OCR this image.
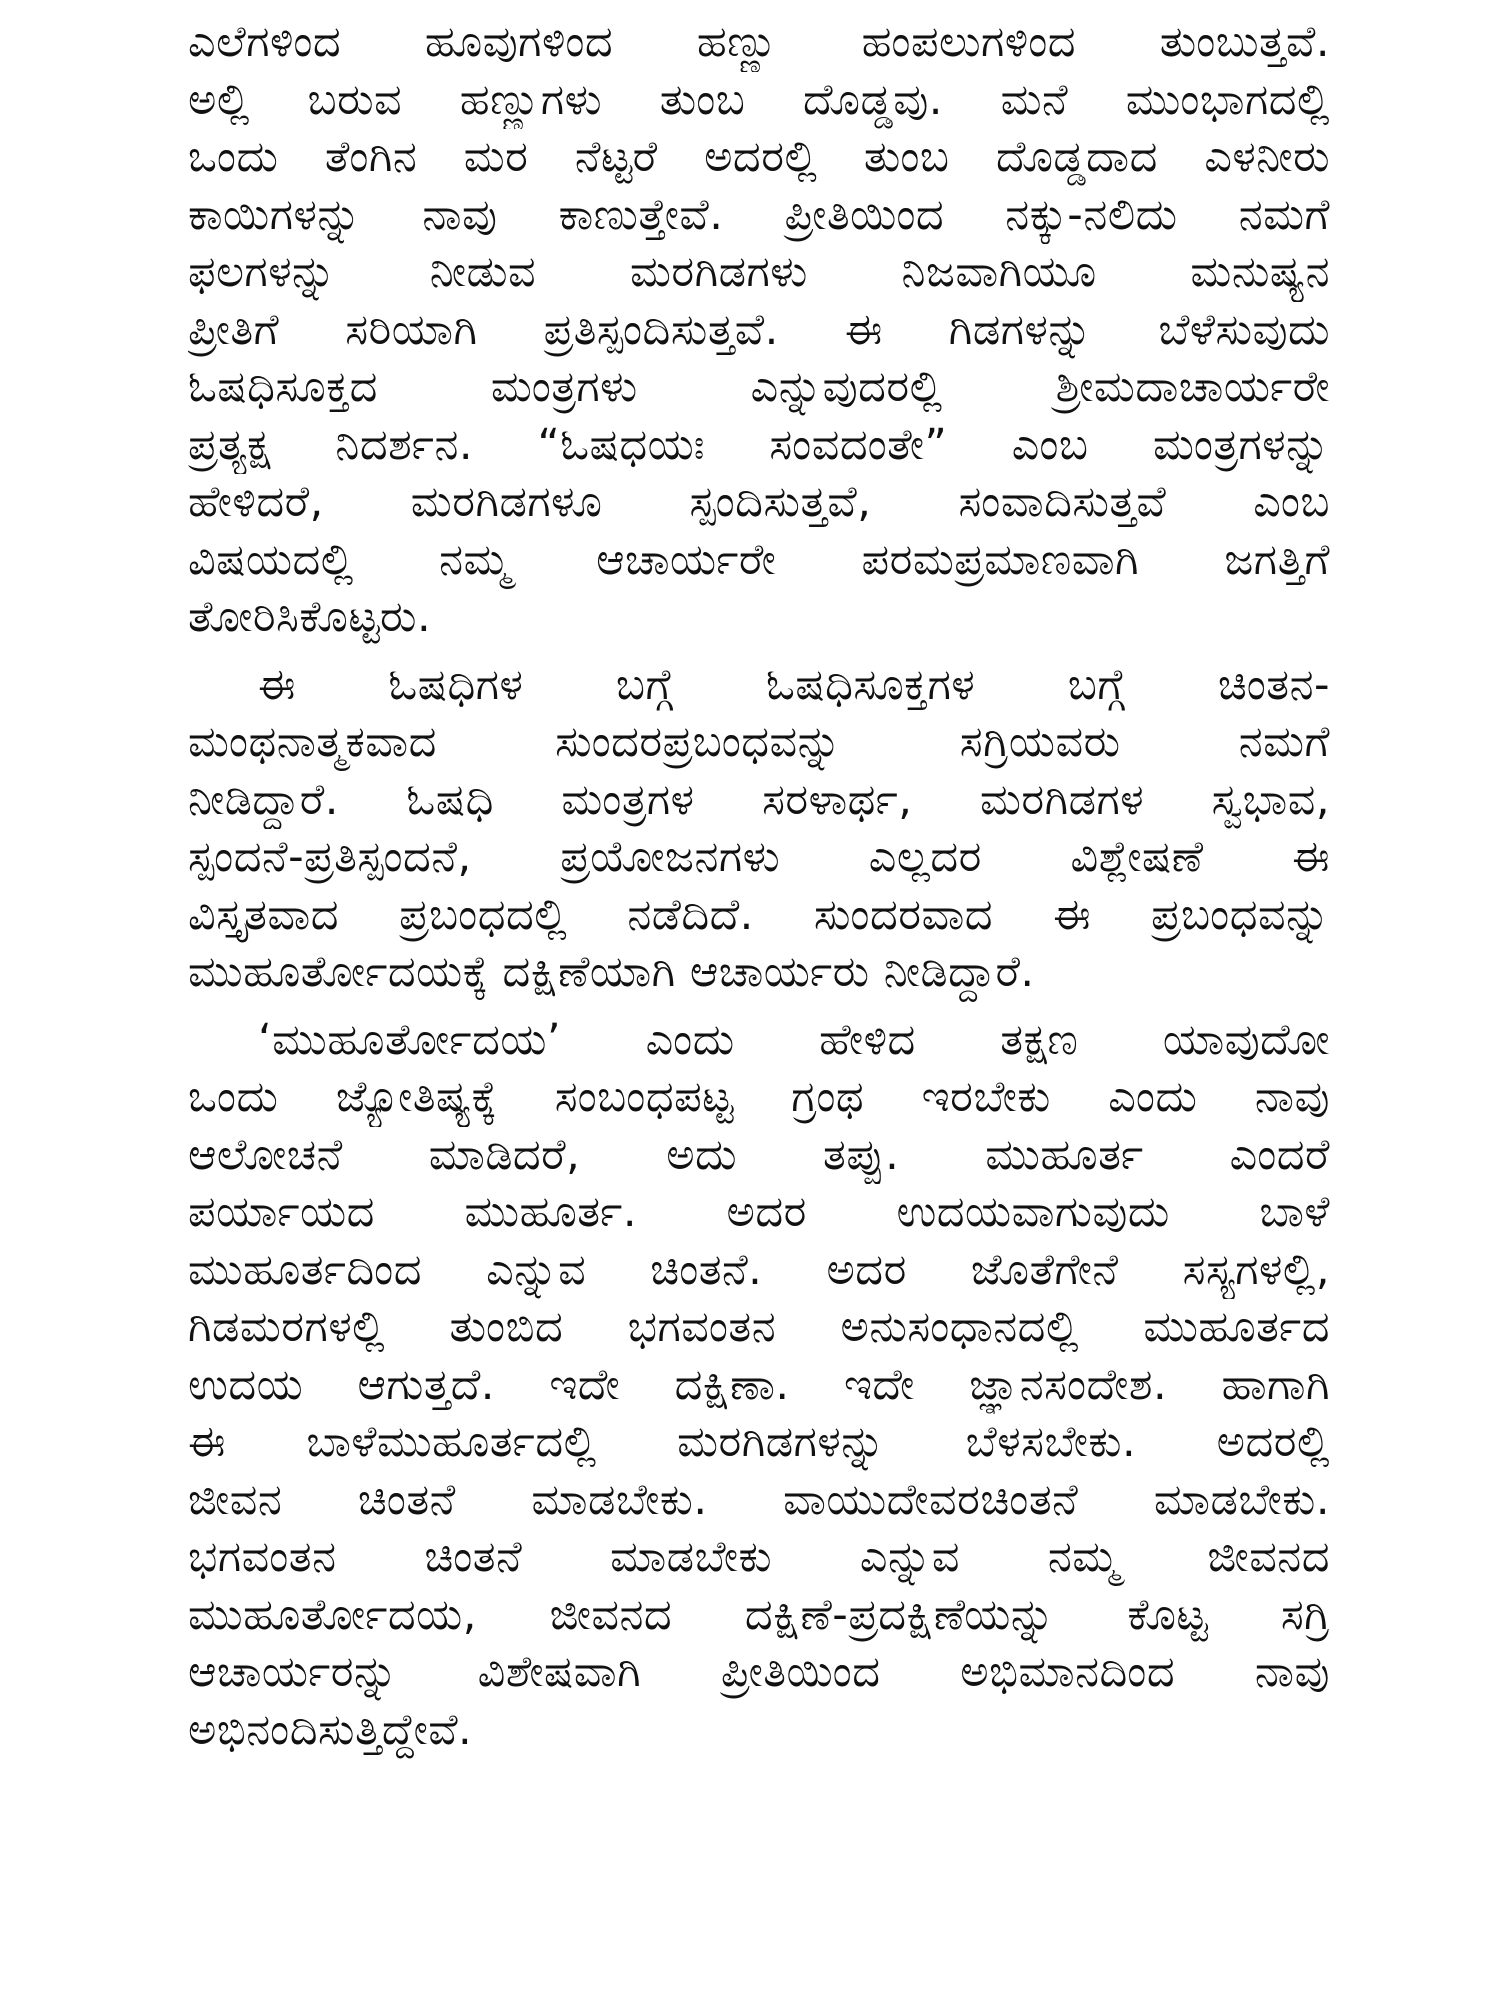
ಎಲೆಗಳಿಂದ ಹೂವುಗಳಿಂದ ಹಣ್ಣು ಹಂಪಲುಗಳಿಂದ ತುಂಬುತ್ತವೆ.
ಅಲ್ಲಿ ಬರುವ ಹಣ್ಣುಗಳು ತುಂಬ ದೊಡ್ಡವು. ಮನೆ ಮುಂಭಾಗದಲ್ಲಿ
ಒಂದು ತೆಂಗಿನ ಮರ ನೆಟ್ಟರೆ ಅದರಲ್ಲಿ ತುಂಬ ದೊಡ್ಡದಾದ ಎಳನೀರು
ಕಾಯಿಗಳನ್ನು ನಾವು ಕಾಣುತ್ತೇವೆ. ಪ್ರೀತಿಯಿಂದ ನಕ್ಕು-ನಲಿದು ನಮಗೆ
ಫಲಗಳನ್ನು ನೀಡುವ ಮರಗಿಡಗಳು ನಿಜವಾಗಿಯೂ ಮನುಷ್ಯನ
ಪ್ರೀತಿಗೆ ಸರಿಯಾಗಿ ಪ್ರತಿಸ್ಪಂದಿಸುತ್ತವೆ. ಈ ಗಿಡಗಳನ್ನು ಬೆಳೆಸುವುದು
ಓಷಧಿಸೂಕ್ತದ ಮಂತ್ರಗಳು ಎನ್ನುವುದರಲ್ಲಿ ಶ್ರೀಮದಾಚಾರ್ಯರೇ
ಪ್ರತ್ಯಕ್ಷ ನಿದರ್ಶನ. “ಓಷಧಯಃ ಸಂವದಂತೇ” ಎಂಬ ಮಂತ್ರಗಳನ್ನು
ಹೇಳಿದರೆ, ಮರಗಿಡಗಳೂ ಸ್ಪಂದಿಸುತ್ತವೆ, ಸಂವಾದಿಸುತ್ತವೆ ಎಂಬ
ವಿಷಯದಲ್ಲಿ ನಮ್ಮ ಆಚಾರ್ಯರೇ ಪರಮಪ್ರಮಾಣವಾಗಿ ಜಗತ್ತಿಗೆ
ತೋರಿಸಿಕೊಟ್ಟರು.
ಈ ಓಷಧಿಗಳ ಬಗ್ಗೆ ಓಷಧಿಸೂಕ್ತಗಳ ಬಗ್ಗೆ ಚಿಂತನ-
ಮಂಥನಾತ್ಮಕವಾದ ಸುಂದರಪ್ರಬಂಧವನ್ನು ಸಗ್ರಿಯವರು ನಮಗೆ
ನೀಡಿದ್ದಾರೆ. ಓಷಧಿ ಮಂತ್ರಗಳ ಸರಳಾರ್ಥ, ಮರಗಿಡಗಳ ಸ್ವಭಾವ,
ಸ್ಪಂದನೆ-ಪ್ರತಿಸ್ಪಂದನೆ, ಪ್ರಯೋಜನಗಳು ಎಲ್ಲದರ ವಿಶ್ಲೇಷಣೆ ಈ
ವಿಸ್ತೃತವಾದ ಪ್ರಬಂಧದಲ್ಲಿ ನಡೆದಿದೆ. ಸುಂದರವಾದ ಈ ಪ್ರಬಂಧವನ್ನು
ಮುಹೂರ್ತೋದಯಕ್ಕೆ ದಕ್ಷಿಣೆಯಾಗಿ ಆಚಾರ್ಯರು ನೀಡಿದ್ದಾರೆ.
‘ಮುಹೂರ್ತೋದಯ’ ಎಂದು ಹೇಳಿದ ತಕ್ಷಣ ಯಾವುದೋ
ಒಂದು ಜ್ಯೋತಿಷ್ಯಕ್ಕೆ ಸಂಬಂಧಪಟ್ಟ ಗ್ರಂಥ ಇರಬೇಕು ಎಂದು ನಾವು
ಆಲೋಚನೆ ಮಾಡಿದರೆ, ಅದು ತಪ್ಪು. ಮುಹೂರ್ತ ಎಂದರೆ
ಪರ್ಯಾಯದ ಮುಹೂರ್ತ. ಅದರ ಉದಯವಾಗುವುದು ಬಾಳೆ
ಮುಹೂರ್ತದಿಂದ ಎನ್ನುವ ಚಿಂತನೆ. ಅದರ ಜೊತೆಗೇನೆ ಸಸ್ಯಗಳಲ್ಲಿ,
ಗಿಡಮರಗಳಲ್ಲಿ ತುಂಬಿದ ಭಗವಂತನ ಅನುಸಂಧಾನದಲ್ಲಿ ಮುಹೂರ್ತದ
ಉದಯ ಆಗುತ್ತದೆ. ಇದೇ ದಕ್ಷಿಣಾ. ಇದೇ ಜ್ಞಾನಸಂದೇಶ. ಹಾಗಾಗಿ
ಈ ಬಾಳೆಮುಹೂರ್ತದಲ್ಲಿ ಮರಗಿಡಗಳನ್ನು ಬೆಳಸಬೇಕು. ಅದರಲ್ಲಿ
ಜೀವನ ಚಿಂತನೆ ಮಾಡಬೇಕು. ವಾಯುದೇವರಚಿಂತನೆ ಮಾಡಬೇಕು.
ಭಗವಂತನ ಚಿಂತನೆ ಮಾಡಬೇಕು ಎನ್ನುವ ನಮ್ಮ ಜೀವನದ
ಮುಹೂರ್ತೋದಯ, ಜೀವನದ ದಕ್ಷಿಣೆ-ಪ್ರದಕ್ಷಿಣೆಯನ್ನು ಕೊಟ್ಟ ಸಗ್ರಿ
ಆಚಾರ್ಯರನ್ನು ವಿಶೇಷವಾಗಿ ಪ್ರೀತಿಯಿಂದ ಅಭಿಮಾನದಿಂದ ನಾವು
ಅಭಿನಂದಿಸುತ್ತಿದ್ದೇವೆ.
